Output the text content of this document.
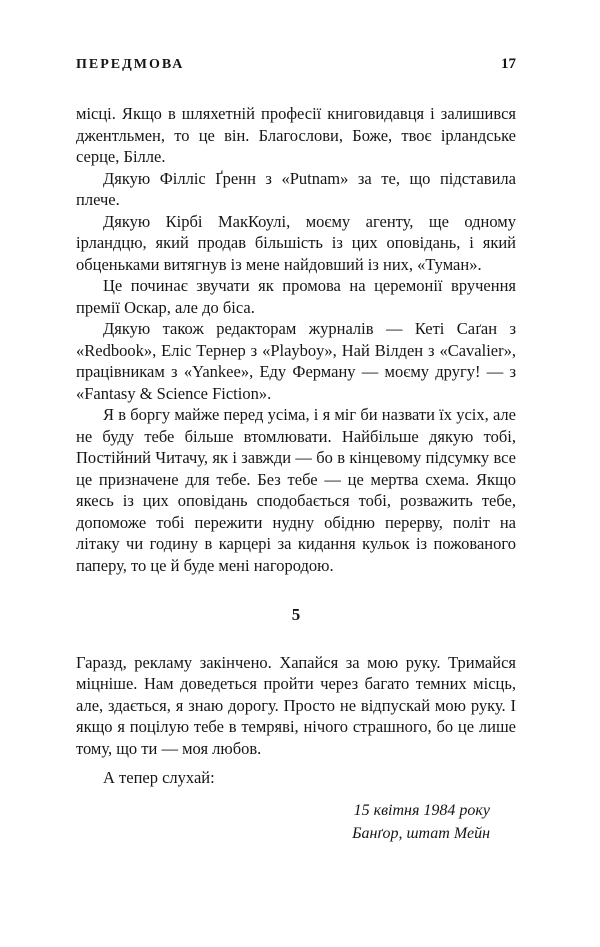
ПЕРЕДМОВА	17

місці. Якщо в шляхетній професії книговидавця і залишився джентльмен, то це він. Благослови, Боже, твоє ірландське серце, Білле.

Дякую Філліс Ґренн з «Putnam» за те, що підставила плече.

Дякую Кірбі МакКоулі, моєму агенту, ще одному ірландцю, який продав більшість із цих оповідань, і який обценьками витягнув із мене найдовший із них, «Туман».

Це починає звучати як промова на церемонії вручення премії Оскар, але до біса.

Дякую також редакторам журналів — Кеті Саґан з «Redbook», Еліс Тернер з «Playboy», Най Вілден з «Cavalier», працівникам з «Yankee», Еду Ферману — моєму другу! — з «Fantasy & Science Fiction».

Я в боргу майже перед усіма, і я міг би назвати їх усіх, але не буду тебе більше втомлювати. Найбільше дякую тобі, Постійний Читачу, як і завжди — бо в кінцевому підсумку все це призначене для тебе. Без тебе — це мертва схема. Якщо якесь із цих оповідань сподобається тобі, розважить тебе, допоможе тобі пережити нудну обідню перерву, політ на літаку чи годину в карцері за кидання кульок із пожованого паперу, то це й буде мені нагородою.

5

Гаразд, рекламу закінчено. Хапайся за мою руку. Тримайся міцніше. Нам доведеться пройти через багато темних місць, але, здається, я знаю дорогу. Просто не відпускай мою руку. І якщо я поцілую тебе в темряві, нічого страшного, бо це лише тому, що ти — моя любов.

А тепер слухай:

15 квітня 1984 року
Банґор, штат Мейн
